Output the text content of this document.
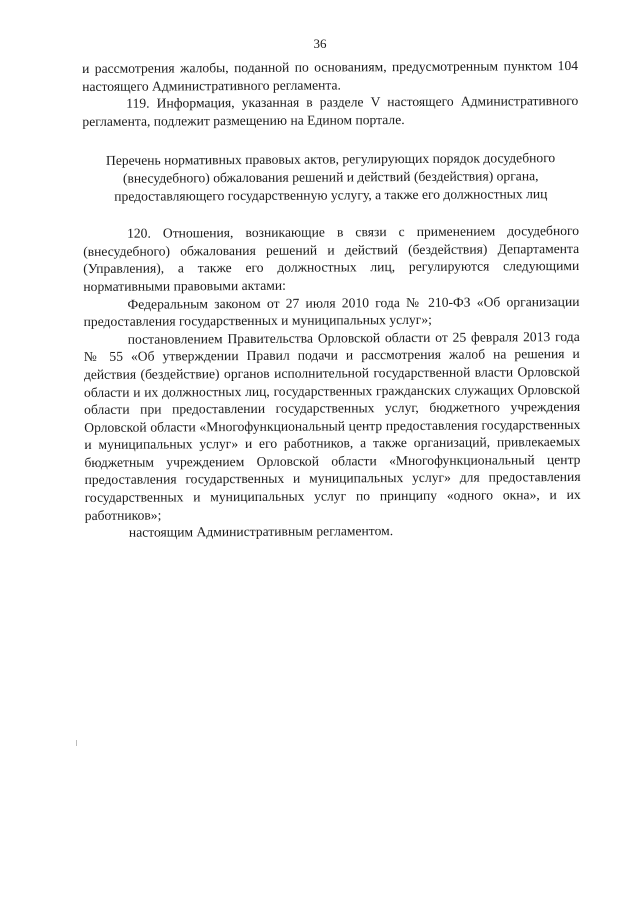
36

и рассмотрения жалобы, поданной по основаниям, предусмотренным пунктом 104 настоящего Административного регламента.

119. Информация, указанная в разделе V настоящего Административного регламента, подлежит размещению на Едином портале.

Перечень нормативных правовых актов, регулирующих порядок досудебного (внесудебного) обжалования решений и действий (бездействия) органа, предоставляющего государственную услугу, а также его должностных лиц

120. Отношения, возникающие в связи с применением досудебного (внесудебного) обжалования решений и действий (бездействия) Департамента (Управления), а также его должностных лиц, регулируются следующими нормативными правовыми актами:

Федеральным законом от 27 июля 2010 года № 210-ФЗ «Об организации предоставления государственных и муниципальных услуг»;

постановлением Правительства Орловской области от 25 февраля 2013 года № 55 «Об утверждении Правил подачи и рассмотрения жалоб на решения и действия (бездействие) органов исполнительной государственной власти Орловской области и их должностных лиц, государственных гражданских служащих Орловской области при предоставлении государственных услуг, бюджетного учреждения Орловской области «Многофункциональный центр предоставления государственных и муниципальных услуг» и его работников, а также организаций, привлекаемых бюджетным учреждением Орловской области «Многофункциональный центр предоставления государственных и муниципальных услуг» для предоставления государственных и муниципальных услуг по принципу «одного окна», и их работников»;

настоящим Административным регламентом.
